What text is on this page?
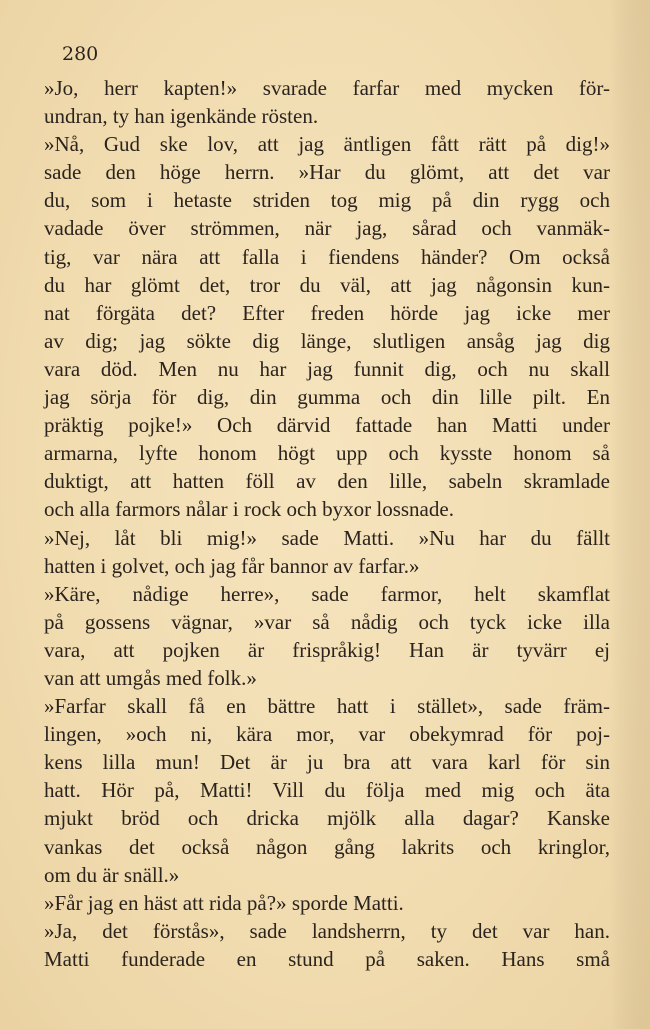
280
»Jo, herr kapten!» svarade farfar med mycken för-
undran, ty han igenkände rösten.
»Nå, Gud ske lov, att jag äntligen fått rätt på dig!»
sade den höge herrn. »Har du glömt, att det var
du, som i hetaste striden tog mig på din rygg och
vadade över strömmen, när jag, sårad och vanmäk-
tig, var nära att falla i fiendens händer? Om också
du har glömt det, tror du väl, att jag någonsin kun-
nat förgäta det? Efter freden hörde jag icke mer
av dig; jag sökte dig länge, slutligen ansåg jag dig
vara död. Men nu har jag funnit dig, och nu skall
jag sörja för dig, din gumma och din lille pilt. En
präktig pojke!» Och därvid fattade han Matti under
armarna, lyfte honom högt upp och kysste honom så
duktigt, att hatten föll av den lille, sabeln skramlade
och alla farmors nålar i rock och byxor lossnade.
»Nej, låt bli mig!» sade Matti. »Nu har du fällt
hatten i golvet, och jag får bannor av farfar.»
»Käre, nådige herre», sade farmor, helt skamflat
på gossens vägnar, »var så nådig och tyck icke illa
vara, att pojken är frispråkig! Han är tyvärr ej
van att umgås med folk.»
»Farfar skall få en bättre hatt i stället», sade främ-
lingen, »och ni, kära mor, var obekymrad för poj-
kens lilla mun! Det är ju bra att vara karl för sin
hatt. Hör på, Matti! Vill du följa med mig och äta
mjukt bröd och dricka mjölk alla dagar? Kanske
vankas det också någon gång lakrits och kringlor,
om du är snäll.»
»Får jag en häst att rida på?» sporde Matti.
»Ja, det förstås», sade landsherrn, ty det var han.
Matti funderade en stund på saken. Hans små
